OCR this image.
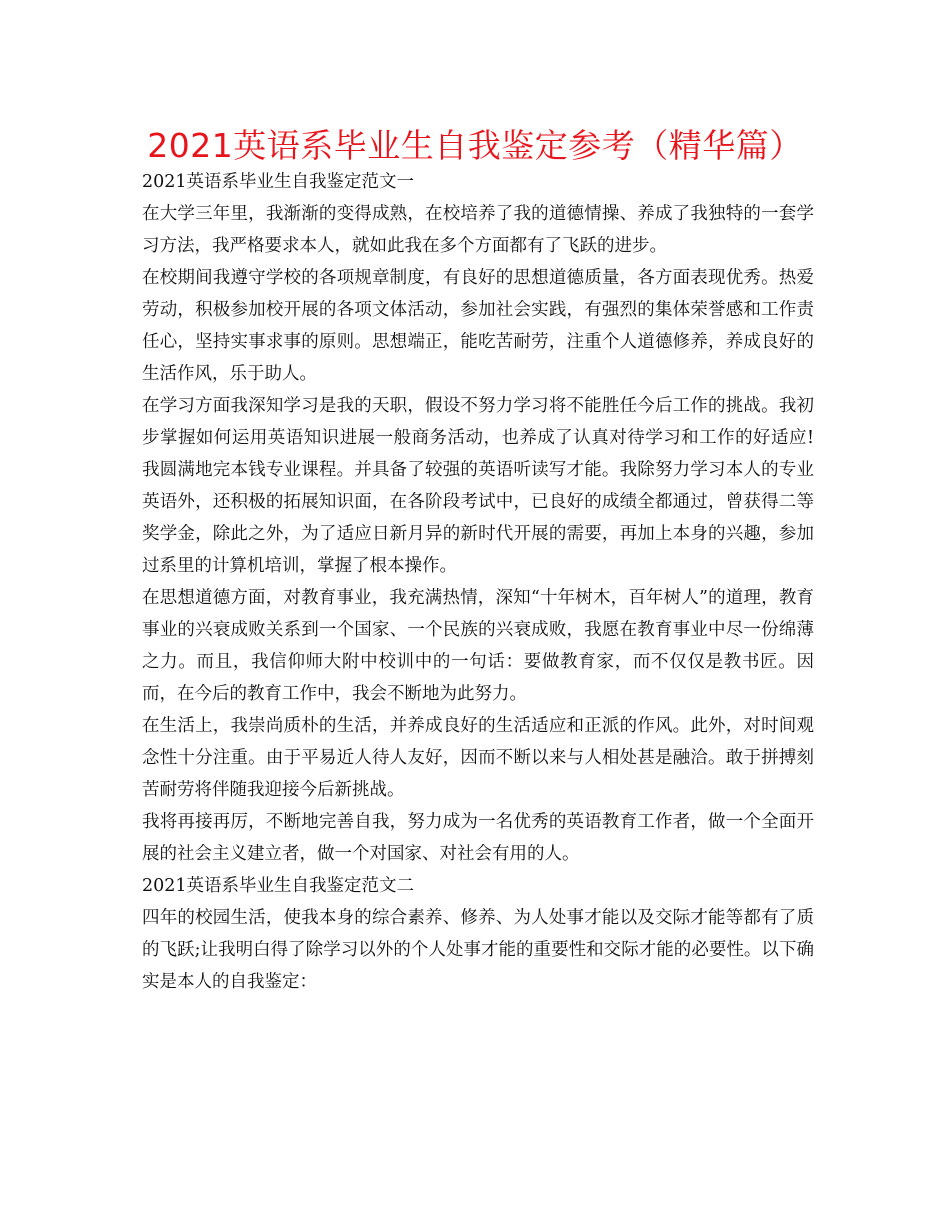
2021英语系毕业生自我鉴定参考（精华篇）

2021英语系毕业生自我鉴定范文一

在大学三年里，我渐渐的变得成熟，在校培养了我的道德情操、养成了我独特的一套学习方法，我严格要求本人，就如此我在多个方面都有了飞跃的进步。

在校期间我遵守学校的各项规章制度，有良好的思想道德质量，各方面表现优秀。热爱劳动，积极参加校开展的各项文体活动，参加社会实践，有强烈的集体荣誉感和工作责任心，坚持实事求事的原则。思想端正，能吃苦耐劳，注重个人道德修养，养成良好的生活作风，乐于助人。

在学习方面我深知学习是我的天职，假设不努力学习将不能胜任今后工作的挑战。我初步掌握如何运用英语知识进展一般商务活动，也养成了认真对待学习和工作的好适应!我圆满地完本钱专业课程。并具备了较强的英语听读写才能。我除努力学习本人的专业英语外，还积极的拓展知识面，在各阶段考试中，已良好的成绩全都通过，曾获得二等奖学金，除此之外，为了适应日新月异的新时代开展的需要，再加上本身的兴趣，参加过系里的计算机培训，掌握了根本操作。

在思想道德方面，对教育事业，我充满热情，深知“十年树木，百年树人”的道理，教育事业的兴衰成败关系到一个国家、一个民族的兴衰成败，我愿在教育事业中尽一份绵薄之力。而且，我信仰师大附中校训中的一句话：要做教育家，而不仅仅是教书匠。因而，在今后的教育工作中，我会不断地为此努力。

在生活上，我崇尚质朴的生活，并养成良好的生活适应和正派的作风。此外，对时间观念性十分注重。由于平易近人待人友好，因而不断以来与人相处甚是融洽。敢于拼搏刻苦耐劳将伴随我迎接今后新挑战。

我将再接再厉，不断地完善自我，努力成为一名优秀的英语教育工作者，做一个全面开展的社会主义建立者，做一个对国家、对社会有用的人。

2021英语系毕业生自我鉴定范文二

四年的校园生活，使我本身的综合素养、修养、为人处事才能以及交际才能等都有了质的飞跃;让我明白得了除学习以外的个人处事才能的重要性和交际才能的必要性。以下确实是本人的自我鉴定：
